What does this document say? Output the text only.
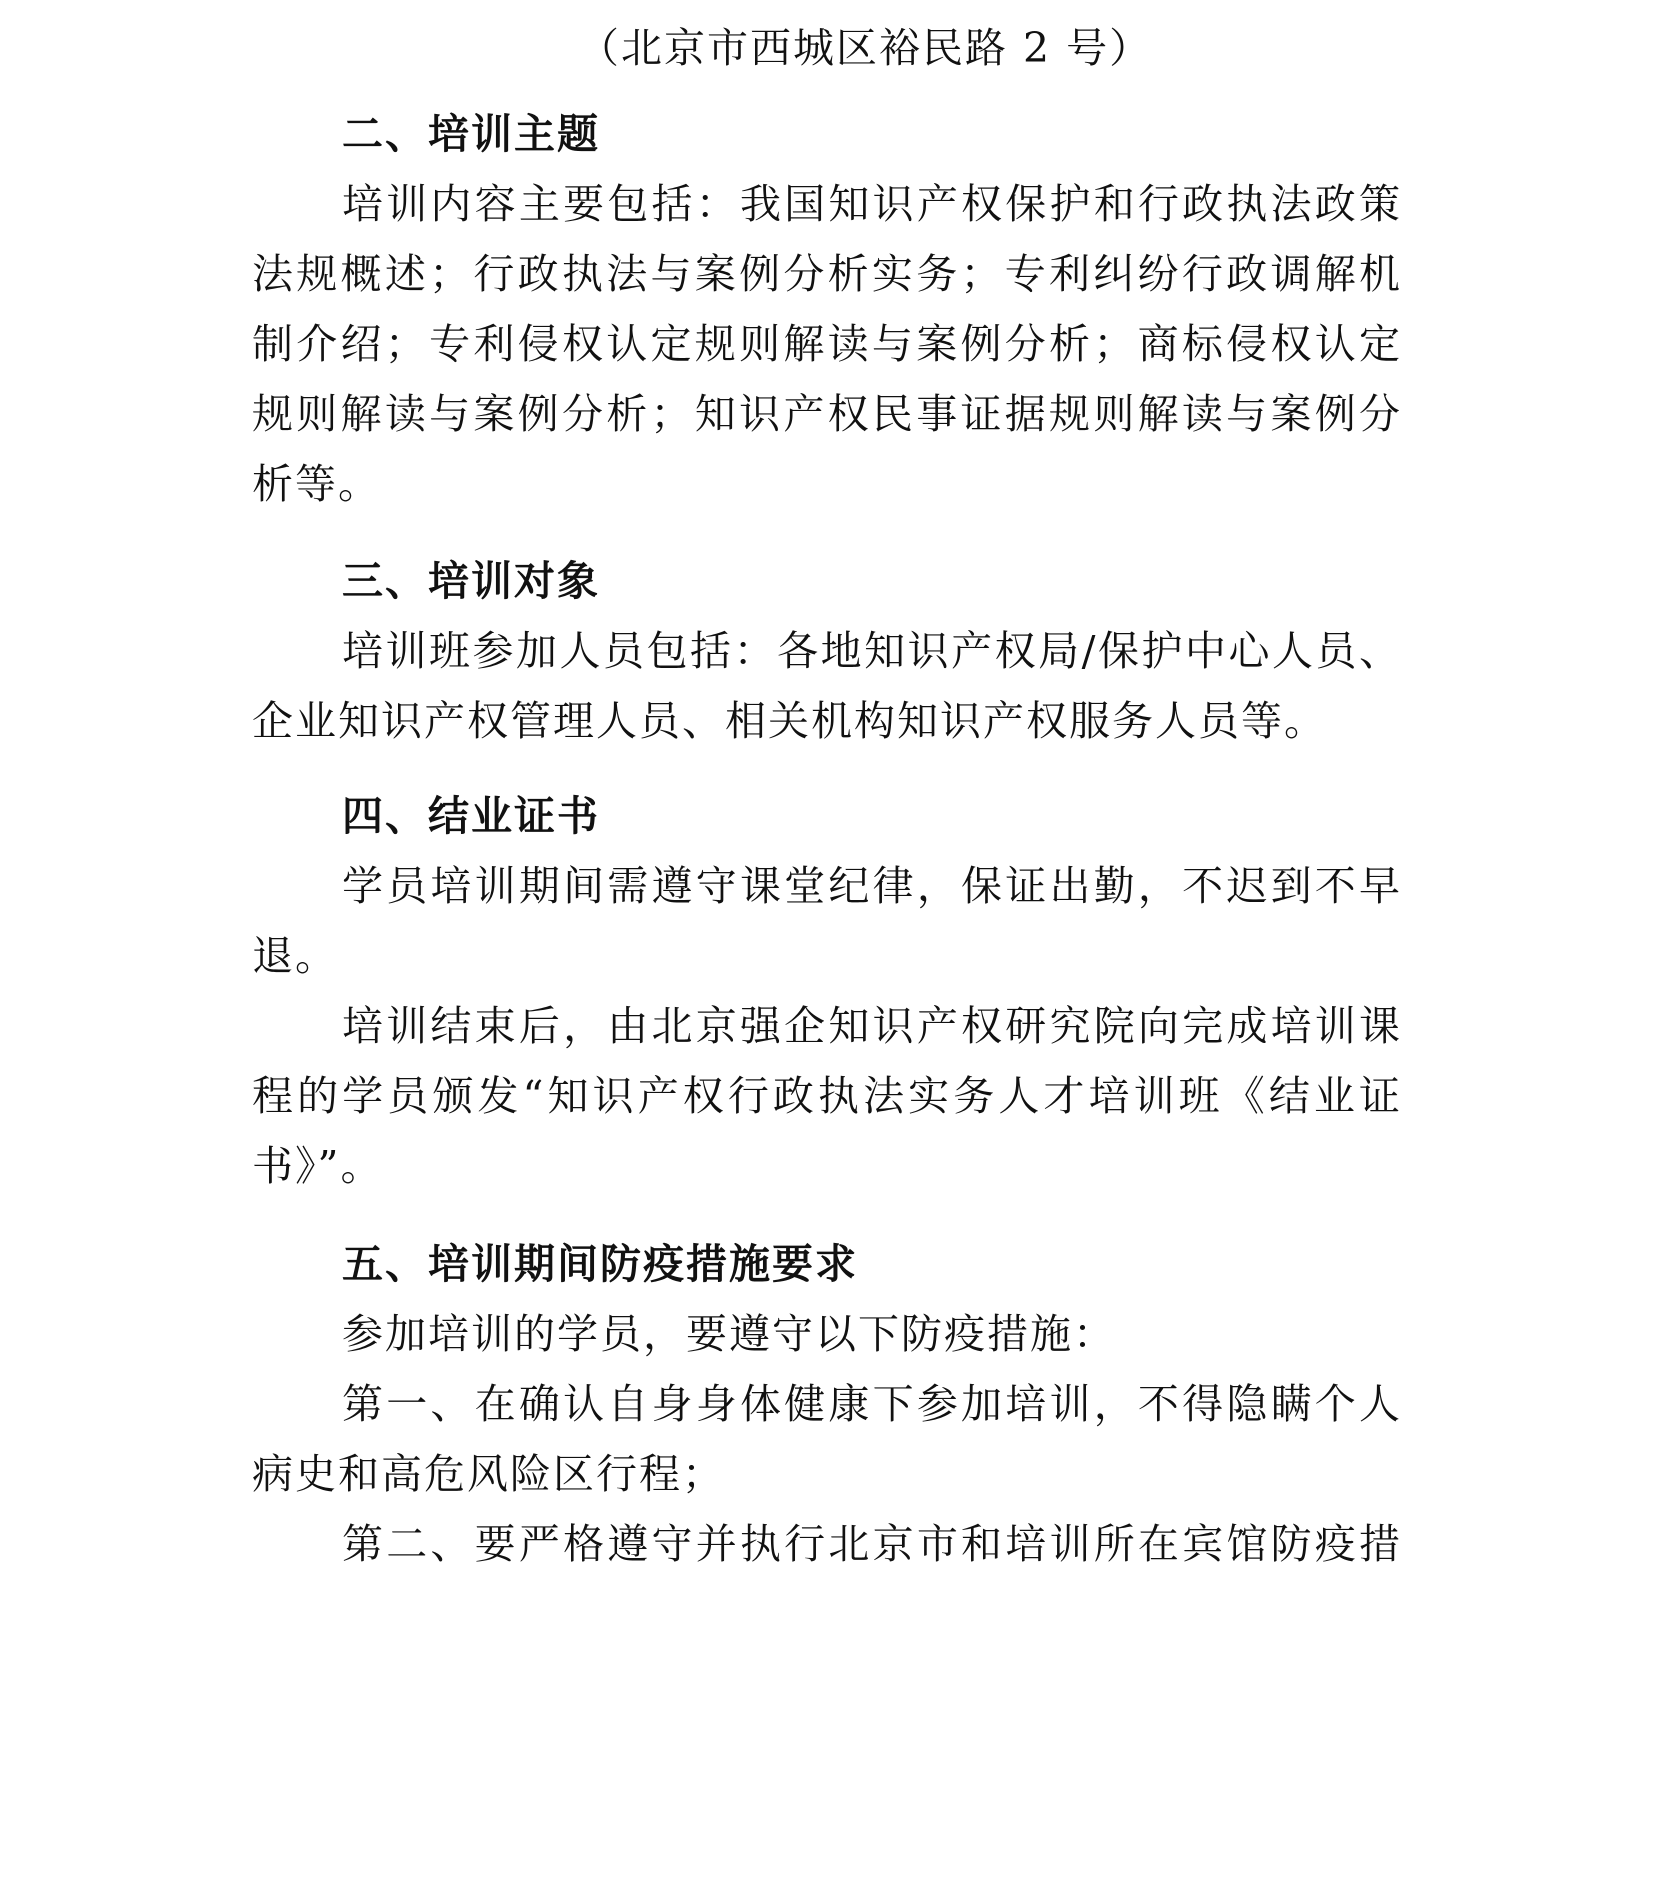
（北京市西城区裕民路 2 号）
二、培训主题
培训内容主要包括：我国知识产权保护和行政执法政策
法规概述；行政执法与案例分析实务；专利纠纷行政调解机
制介绍；专利侵权认定规则解读与案例分析；商标侵权认定
规则解读与案例分析；知识产权民事证据规则解读与案例分
析等。
三、培训对象
培训班参加人员包括：各地知识产权局/保护中心人员、
企业知识产权管理人员、相关机构知识产权服务人员等。
四、结业证书
学员培训期间需遵守课堂纪律，保证出勤，不迟到不早
退。
培训结束后，由北京强企知识产权研究院向完成培训课
程的学员颁发“知识产权行政执法实务人才培训班《结业证
书》”。
五、培训期间防疫措施要求
参加培训的学员，要遵守以下防疫措施：
第一、在确认自身身体健康下参加培训，不得隐瞒个人
病史和高危风险区行程；
第二、要严格遵守并执行北京市和培训所在宾馆防疫措
